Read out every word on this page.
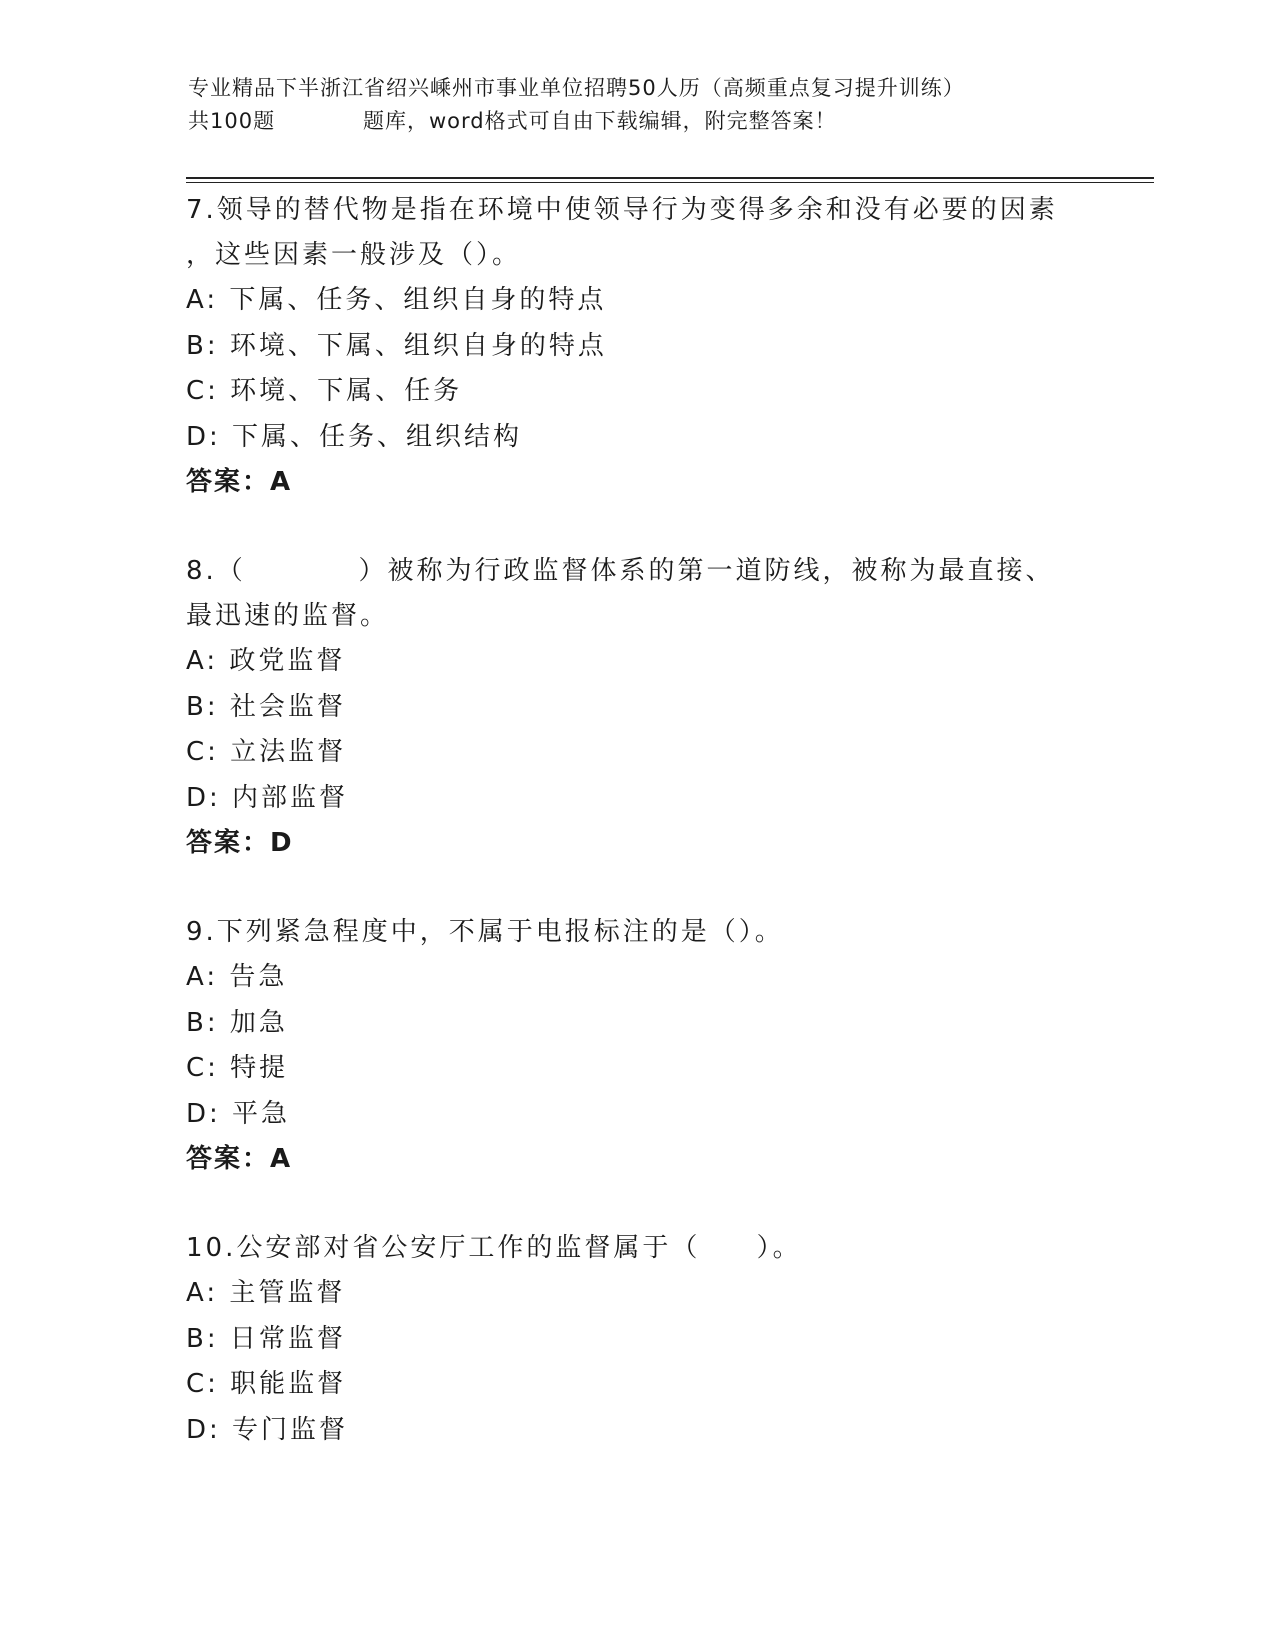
专业精品下半浙江省绍兴嵊州市事业单位招聘50人历（高频重点复习提升训练）
共100题	题库，word格式可自由下载编辑，附完整答案！

7.领导的替代物是指在环境中使领导行为变得多余和没有必要的因素

，这些因素一般涉及（）。

A: 下属、任务、组织自身的特点

B: 环境、下属、组织自身的特点

C: 环境、下属、任务

D: 下属、任务、组织结构

答案：A

8.（          ）被称为行政监督体系的第一道防线，被称为最直接、

最迅速的监督。

A: 政党监督

B: 社会监督

C: 立法监督

D: 内部监督

答案：D

9.下列紧急程度中，不属于电报标注的是（）。

A: 告急

B: 加急

C: 特提

D: 平急

答案：A

10.公安部对省公安厅工作的监督属于（     ）。

A: 主管监督

B: 日常监督

C: 职能监督

D: 专门监督
